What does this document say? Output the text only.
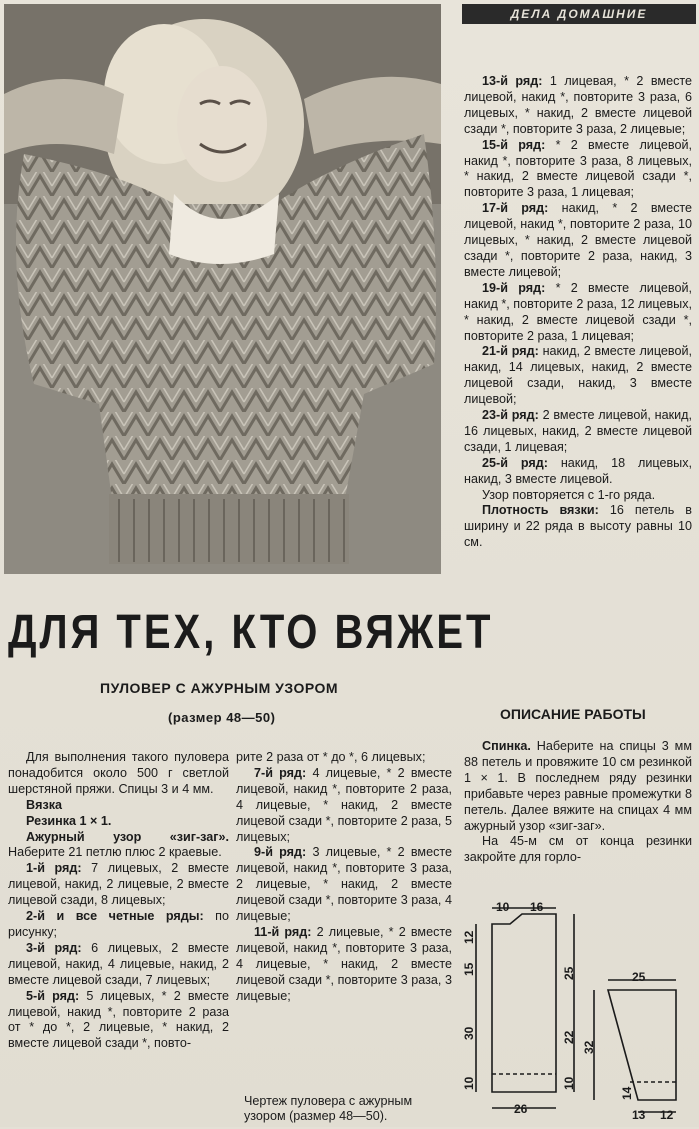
ДЕЛА ДОМАШНИЕ

13-й ряд: 1 лицевая, * 2 вместе лицевой, накид *, повторите 3 раза, 6 лицевых, * накид, 2 вместе лицевой сзади *, повторите 3 раза, 2 лицевые;

15-й ряд: * 2 вместе лицевой, накид *, повторите 3 раза, 8 лицевых, * накид, 2 вместе лицевой сзади *, повторите 3 раза, 1 лицевая;

17-й ряд: накид, * 2 вместе лицевой, накид *, повторите 2 раза, 10 лицевых, * накид, 2 вместе лицевой сзади *, повторите 2 раза, накид, 3 вместе лицевой;

19-й ряд: * 2 вместе лицевой, накид *, повторите 2 раза, 12 лицевых, * накид, 2 вместе лицевой сзади *, повторите 2 раза, 1 лицевая;

21-й ряд: накид, 2 вместе лицевой, накид, 14 лицевых, накид, 2 вместе лицевой сзади, накид, 3 вместе лицевой;

23-й ряд: 2 вместе лицевой, накид, 16 лицевых, накид, 2 вместе лицевой сзади, 1 лицевая;

25-й ряд: накид, 18 лицевых, накид, 3 вместе лицевой.

Узор повторяется с 1-го ряда.

Плотность вязки: 16 петель в ширину и 22 ряда в высоту равны 10 см.

ДЛЯ ТЕХ, КТО ВЯЖЕТ
ПУЛОВЕР С АЖУРНЫМ УЗОРОМ
(размер 48—50)

Для выполнения такого пуловера понадобится около 500 г светлой шерстяной пряжи. Спицы 3 и 4 мм.

Вязка

Резинка 1 × 1.

Ажурный узор «зиг-заг». Наберите 21 петлю плюс 2 краевые.

1-й ряд: 7 лицевых, 2 вместе лицевой, накид, 2 лицевые, 2 вместе лицевой сзади, 8 лицевых;

2-й и все четные ряды: по рисунку;

3-й ряд: 6 лицевых, 2 вместе лицевой, накид, 4 лицевые, накид, 2 вместе лицевой сзади, 7 лицевых;

5-й ряд: 5 лицевых, * 2 вместе лицевой, накид *, повторите 2 раза от * до *, 2 лицевые, * накид, 2 вместе лицевой сзади *, повто-

рите 2 раза от * до *, 6 лицевых;

7-й ряд: 4 лицевые, * 2 вместе лицевой, накид *, повторите 2 раза, 4 лицевые, * накид, 2 вместе лицевой сзади *, повторите 2 раза, 5 лицевых;

9-й ряд: 3 лицевые, * 2 вместе лицевой, накид *, повторите 3 раза, 2 лицевые, * накид, 2 вместе лицевой сзади *, повторите 3 раза, 4 лицевые;

11-й ряд: 2 лицевые, * 2 вместе лицевой, накид *, повторите 3 раза, 4 лицевые, * накид, 2 вместе лицевой сзади *, повторите 3 раза, 3 лицевые;

Чертеж пуловера с ажурным узором (размер 48—50).
ОПИСАНИЕ РАБОТЫ

Спинка. Наберите на спицы 3 мм 88 петель и провяжите 10 см резинкой 1 × 1. В последнем ряду резинки прибавьте через равные промежутки 8 петель. Далее вяжите на спицах 4 мм ажурный узор «зиг-заг».

На 45-м см от конца резинки закройте для горло-

10 16
12
15	25
30
10
26
10
22
32
14
25
13 12
